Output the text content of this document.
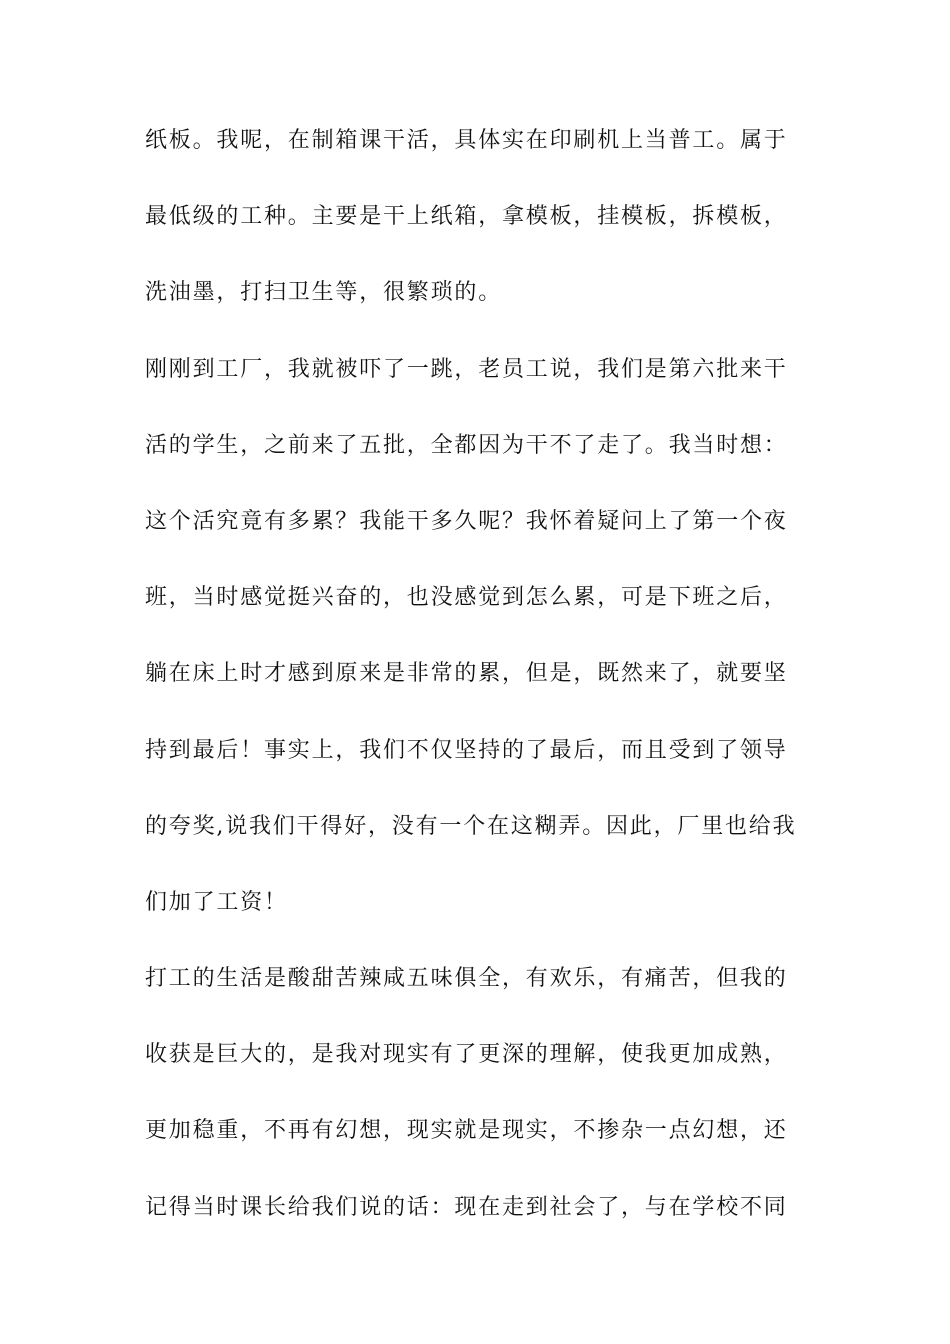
纸板。我呢，在制箱课干活，具体实在印刷机上当普工。属于

最低级的工种。主要是干上纸箱，拿模板，挂模板，拆模板，

洗油墨，打扫卫生等，很繁琐的。

刚刚到工厂，我就被吓了一跳，老员工说，我们是第六批来干

活的学生，之前来了五批，全都因为干不了走了。我当时想：

这个活究竟有多累？我能干多久呢？我怀着疑问上了第一个夜

班，当时感觉挺兴奋的，也没感觉到怎么累，可是下班之后，

躺在床上时才感到原来是非常的累，但是，既然来了，就要坚

持到最后！事实上，我们不仅坚持的了最后，而且受到了领导

的夸奖,说我们干得好，没有一个在这糊弄。因此，厂里也给我

们加了工资！

打工的生活是酸甜苦辣咸五味俱全，有欢乐，有痛苦，但我的

收获是巨大的，是我对现实有了更深的理解，使我更加成熟，

更加稳重，不再有幻想，现实就是现实，不掺杂一点幻想，还

记得当时课长给我们说的话：现在走到社会了，与在学校不同
